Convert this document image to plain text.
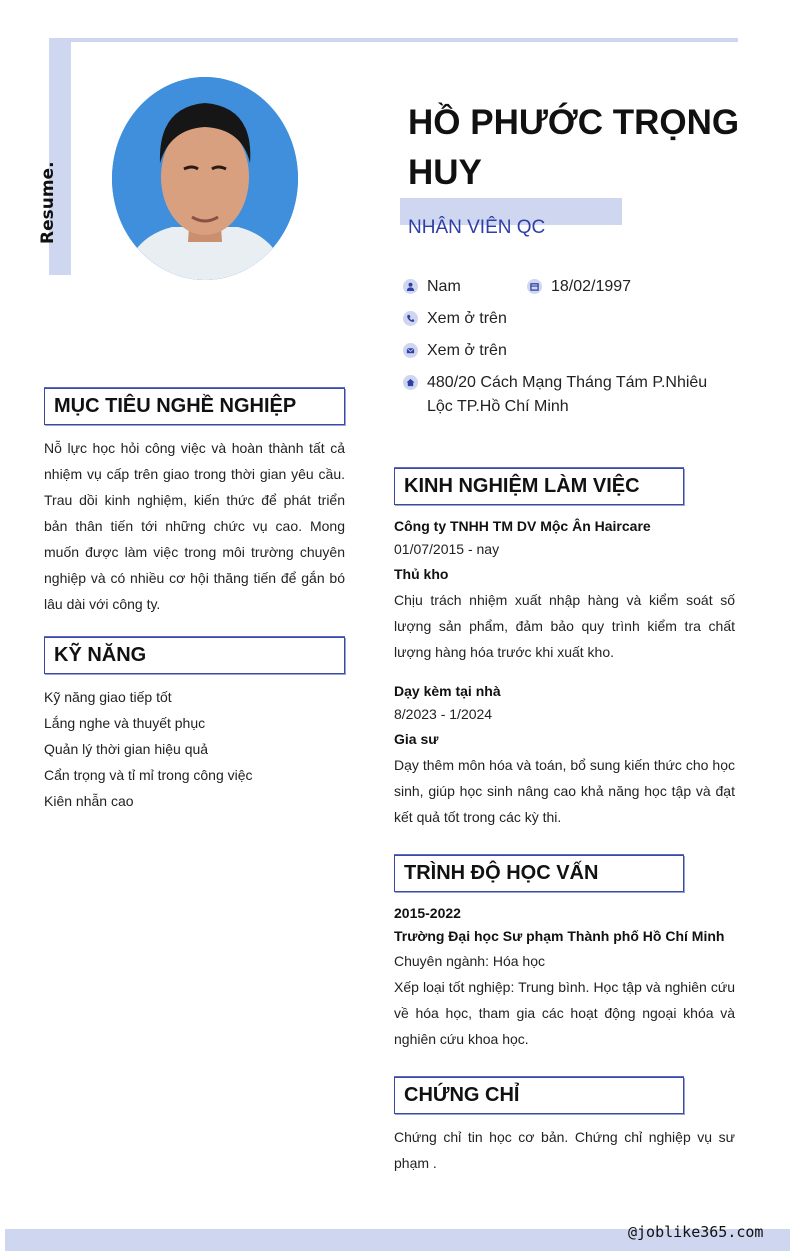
Resume.
HỒ PHƯỚC TRỌNG HUY
NHÂN VIÊN QC
Nam	18/02/1997
Xem ở trên
Xem ở trên
480/20 Cách Mạng Tháng Tám P.Nhiêu Lộc TP.Hồ Chí Minh
MỤC TIÊU NGHỀ NGHIỆP
Nỗ lực học hỏi công việc và hoàn thành tất cả nhiệm vụ cấp trên giao trong thời gian yêu cầu. Trau dồi kinh nghiệm, kiến thức để phát triển bản thân tiến tới những chức vụ cao. Mong muốn được làm việc trong môi trường chuyên nghiệp và có nhiều cơ hội thăng tiến để gắn bó lâu dài với công ty.
KỸ NĂNG
Kỹ năng giao tiếp tốt
Lắng nghe và thuyết phục
Quản lý thời gian hiệu quả
Cẩn trọng và tỉ mỉ trong công việc
Kiên nhẫn cao
KINH NGHIỆM LÀM VIỆC
Công ty TNHH TM DV Mộc Ân Haircare
01/07/2015 - nay
Thủ kho
Chịu trách nhiệm xuất nhập hàng và kiểm soát số lượng sản phẩm, đảm bảo quy trình kiểm tra chất lượng hàng hóa trước khi xuất kho.
Dạy kèm tại nhà
8/2023 - 1/2024
Gia sư
Dạy thêm môn hóa và toán, bổ sung kiến thức cho học sinh, giúp học sinh nâng cao khả năng học tập và đạt kết quả tốt trong các kỳ thi.
TRÌNH ĐỘ HỌC VẤN
2015-2022
Trường Đại học Sư phạm Thành phố Hồ Chí Minh
Chuyên ngành: Hóa học
Xếp loại tốt nghiệp: Trung bình. Học tập và nghiên cứu về hóa học, tham gia các hoạt động ngoại khóa và nghiên cứu khoa học.
CHỨNG CHỈ
Chứng chỉ tin học cơ bản. Chứng chỉ nghiệp vụ sư phạm .
@joblike365.com
